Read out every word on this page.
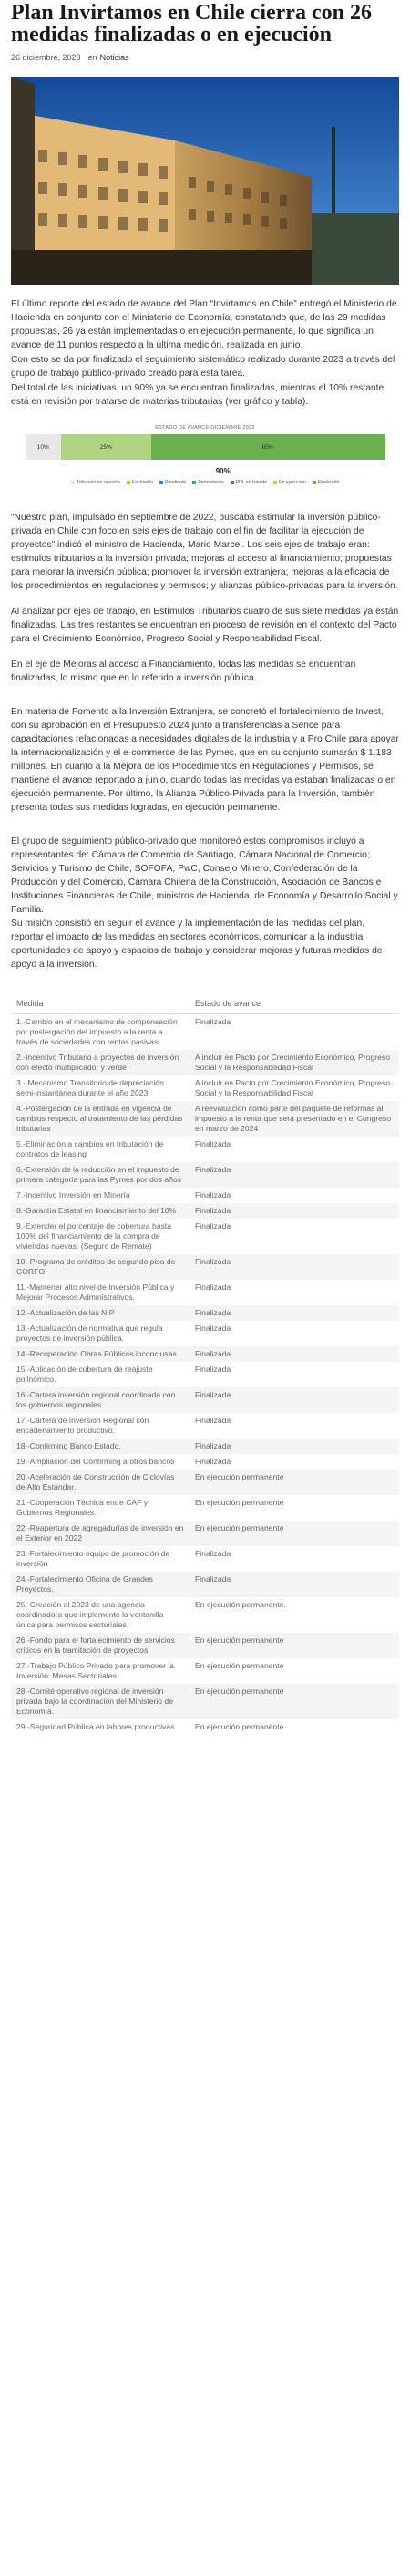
Plan Invirtamos en Chile cierra con 26 medidas finalizadas o en ejecución
26 diciembre, 2023 en Noticias

El último reporte del estado de avance del Plan “Invirtamos en Chile” entregó el Ministerio de Hacienda en conjunto con el Ministerio de Economía, constatando que, de las 29 medidas propuestas, 26 ya están implementadas o en ejecución permanente, lo que significa un avance de 11 puntos respecto a la última medición, realizada en junio.

Con esto se da por finalizado el seguimiento sistemático realizado durante 2023 a través del grupo de trabajo público-privado creado para esta tarea.

Del total de las iniciativas, un 90% ya se encuentran finalizadas, mientras el 10% restante está en revisión por tratarse de materias tributarias (ver gráfico y tabla).

ESTADO DE AVANCE DICIEMBRE 2023
10%	25%	65%
90%
Tributario en revisión	En diseño	Pendiente	Permanente	PDL en trámite	En ejecución	Finalizado

“Nuestro plan, impulsado en septiembre de 2022, buscaba estimular la inversión público-privada en Chile con foco en seis ejes de trabajo con el fin de facilitar la ejecución de proyectos” indicó el ministro de Hacienda, Mario Marcel. Los seis ejes de trabajo eran: estímulos tributarios a la inversión privada; mejoras al acceso al financiamiento; propuestas para mejorar la inversión pública; promover la inversión extranjera; mejoras a la eficacia de los procedimientos en regulaciones y permisos; y alianzas público-privadas para la inversión.

Al analizar por ejes de trabajo, en Estímulos Tributarios cuatro de sus siete medidas ya están finalizadas. Las tres restantes se encuentran en proceso de revisión en el contexto del Pacto para el Crecimiento Económico, Progreso Social y Responsabilidad Fiscal.

En el eje de Mejoras al acceso a Financiamiento, todas las medidas se encuentran finalizadas, lo mismo que en lo referido a inversión pública.

En materia de Fomento a la Inversión Extranjera, se concretó el fortalecimiento de Invest, con su aprobación en el Presupuesto 2024 junto a transferencias a Sence para capacitaciones relacionadas a necesidades digitales de la industria y a Pro Chile para apoyar la internacionalización y el e-commerce de las Pymes, que en su conjunto sumarán $ 1.183 millones. En cuanto a la Mejora de los Procedimientos en Regulaciones y Permisos, se mantiene el avance reportado a junio, cuando todas las medidas ya estaban finalizadas o en ejecución permanente. Por último, la Alianza Público-Privada para la Inversión, también presenta todas sus medidas logradas, en ejecución permanente.

El grupo de seguimiento público-privado que monitoreó estos compromisos incluyó a representantes de: Cámara de Comercio de Santiago, Cámara Nacional de Comercio; Servicios y Turismo de Chile, SOFOFA, PwC, Consejo Minero, Confederación de la Producción y del Comercio, Cámara Chilena de la Construcción, Asociación de Bancos e Instituciones Financieras de Chile, ministros de Hacienda, de Economía y Desarrollo Social y Familia.

Su misión consistió en seguir el avance y la implementación de las medidas del plan, reportar el impacto de las medidas en sectores económicos, comunicar a la industria oportunidades de apoyo y espacios de trabajo y considerar mejoras y futuras medidas de apoyo a la inversión.

Medida	Estado de avance
1.-Cambio en el mecanismo de compensación por postergación del impuesto a la renta a través de sociedades con rentas pasivas	Finalizada
2.-Incentivo Tributario a proyectos de inversión con efecto multiplicador y verde	A incluir en Pacto por Crecimiento Económico, Progreso Social y la Responsabilidad Fiscal
3.- Mecanismo Transitorio de depreciación semi-instantánea durante el año 2023	A incluir en Pacto por Crecimiento Económico, Progreso Social y la Responsabilidad Fiscal
4.-Postergación de la entrada en vigencia de cambios respecto al tratamiento de las pérdidas tributarias	A reevaluación como parte del paquete de reformas al impuesto a la renta que será presentado en el Congreso en marzo de 2024
5.-Eliminación a cambios en tributación de contratos de leasing	Finalizada
6.-Extensión de la reducción en el impuesto de primera categoría para las Pymes por dos años	Finalizada
7.-Incentivo Inversión en Minería	Finalizada
8.-Garantía Estatal en financiamiento del 10%	Finalizada
9.-Extender el porcentaje de cobertura hasta 100% del financiamiento de la compra de viviendas nuevas. (Seguro de Remate)	Finalizada
10.-Programa de créditos de segundo piso de CORFO.	Finalizada
11.-Mantener alto nivel de Inversión Pública y Mejorar Procesos Administrativos.	Finalizada
12.-Actualización de las NIP	Finalizada
13.-Actualización de normativa que regula proyectos de inversión pública.	Finalizada
14.-Recuperación Obras Públicas inconclusas.	Finalizada
15.-Aplicación de cobertura de reajuste polinómico.	Finalizada
16.-Cartera inversión regional coordinada con los gobiernos regionales.	Finalizada
17.-Cartera de Inversión Regional con encadenamiento productivo.	Finalizada
18.-Confirming Banco Estado.	Finalizada
19.-Ampliación del Confirming a otros bancos	Finalizada
20.-Aceleración de Construcción de Ciclovías de Alto Estándar.	En ejecución permanente
21.-Cooperación Técnica entre CAF y Gobiernos Regionales.	En ejecución permanente
22.-Reapertura de agregadurías de inversión en el Exterior en 2022	En ejecución permanente
23.-Fortalecimiento equipo de promoción de inversión	Finalizada
24.-Fortalecimiento Oficina de Grandes Proyectos.	Finalizada
25.-Creación al 2023 de una agencia coordinadora que implemente la ventanilla única para permisos sectoriales.	En ejecución permanente.
26.-Fondo para el fortalecimiento de servicios críticos en la tramitación de proyectos	En ejecución permanente
27.-Trabajo Público Privado para promover la Inversión: Mesas Sectoriales.	En ejecución permanente
28.-Comité operativo regional de inversión privada bajo la coordinación del Ministerio de Economía.	En ejecución permanente
29.-Seguridad Pública en labores productivas	En ejecución permanente
